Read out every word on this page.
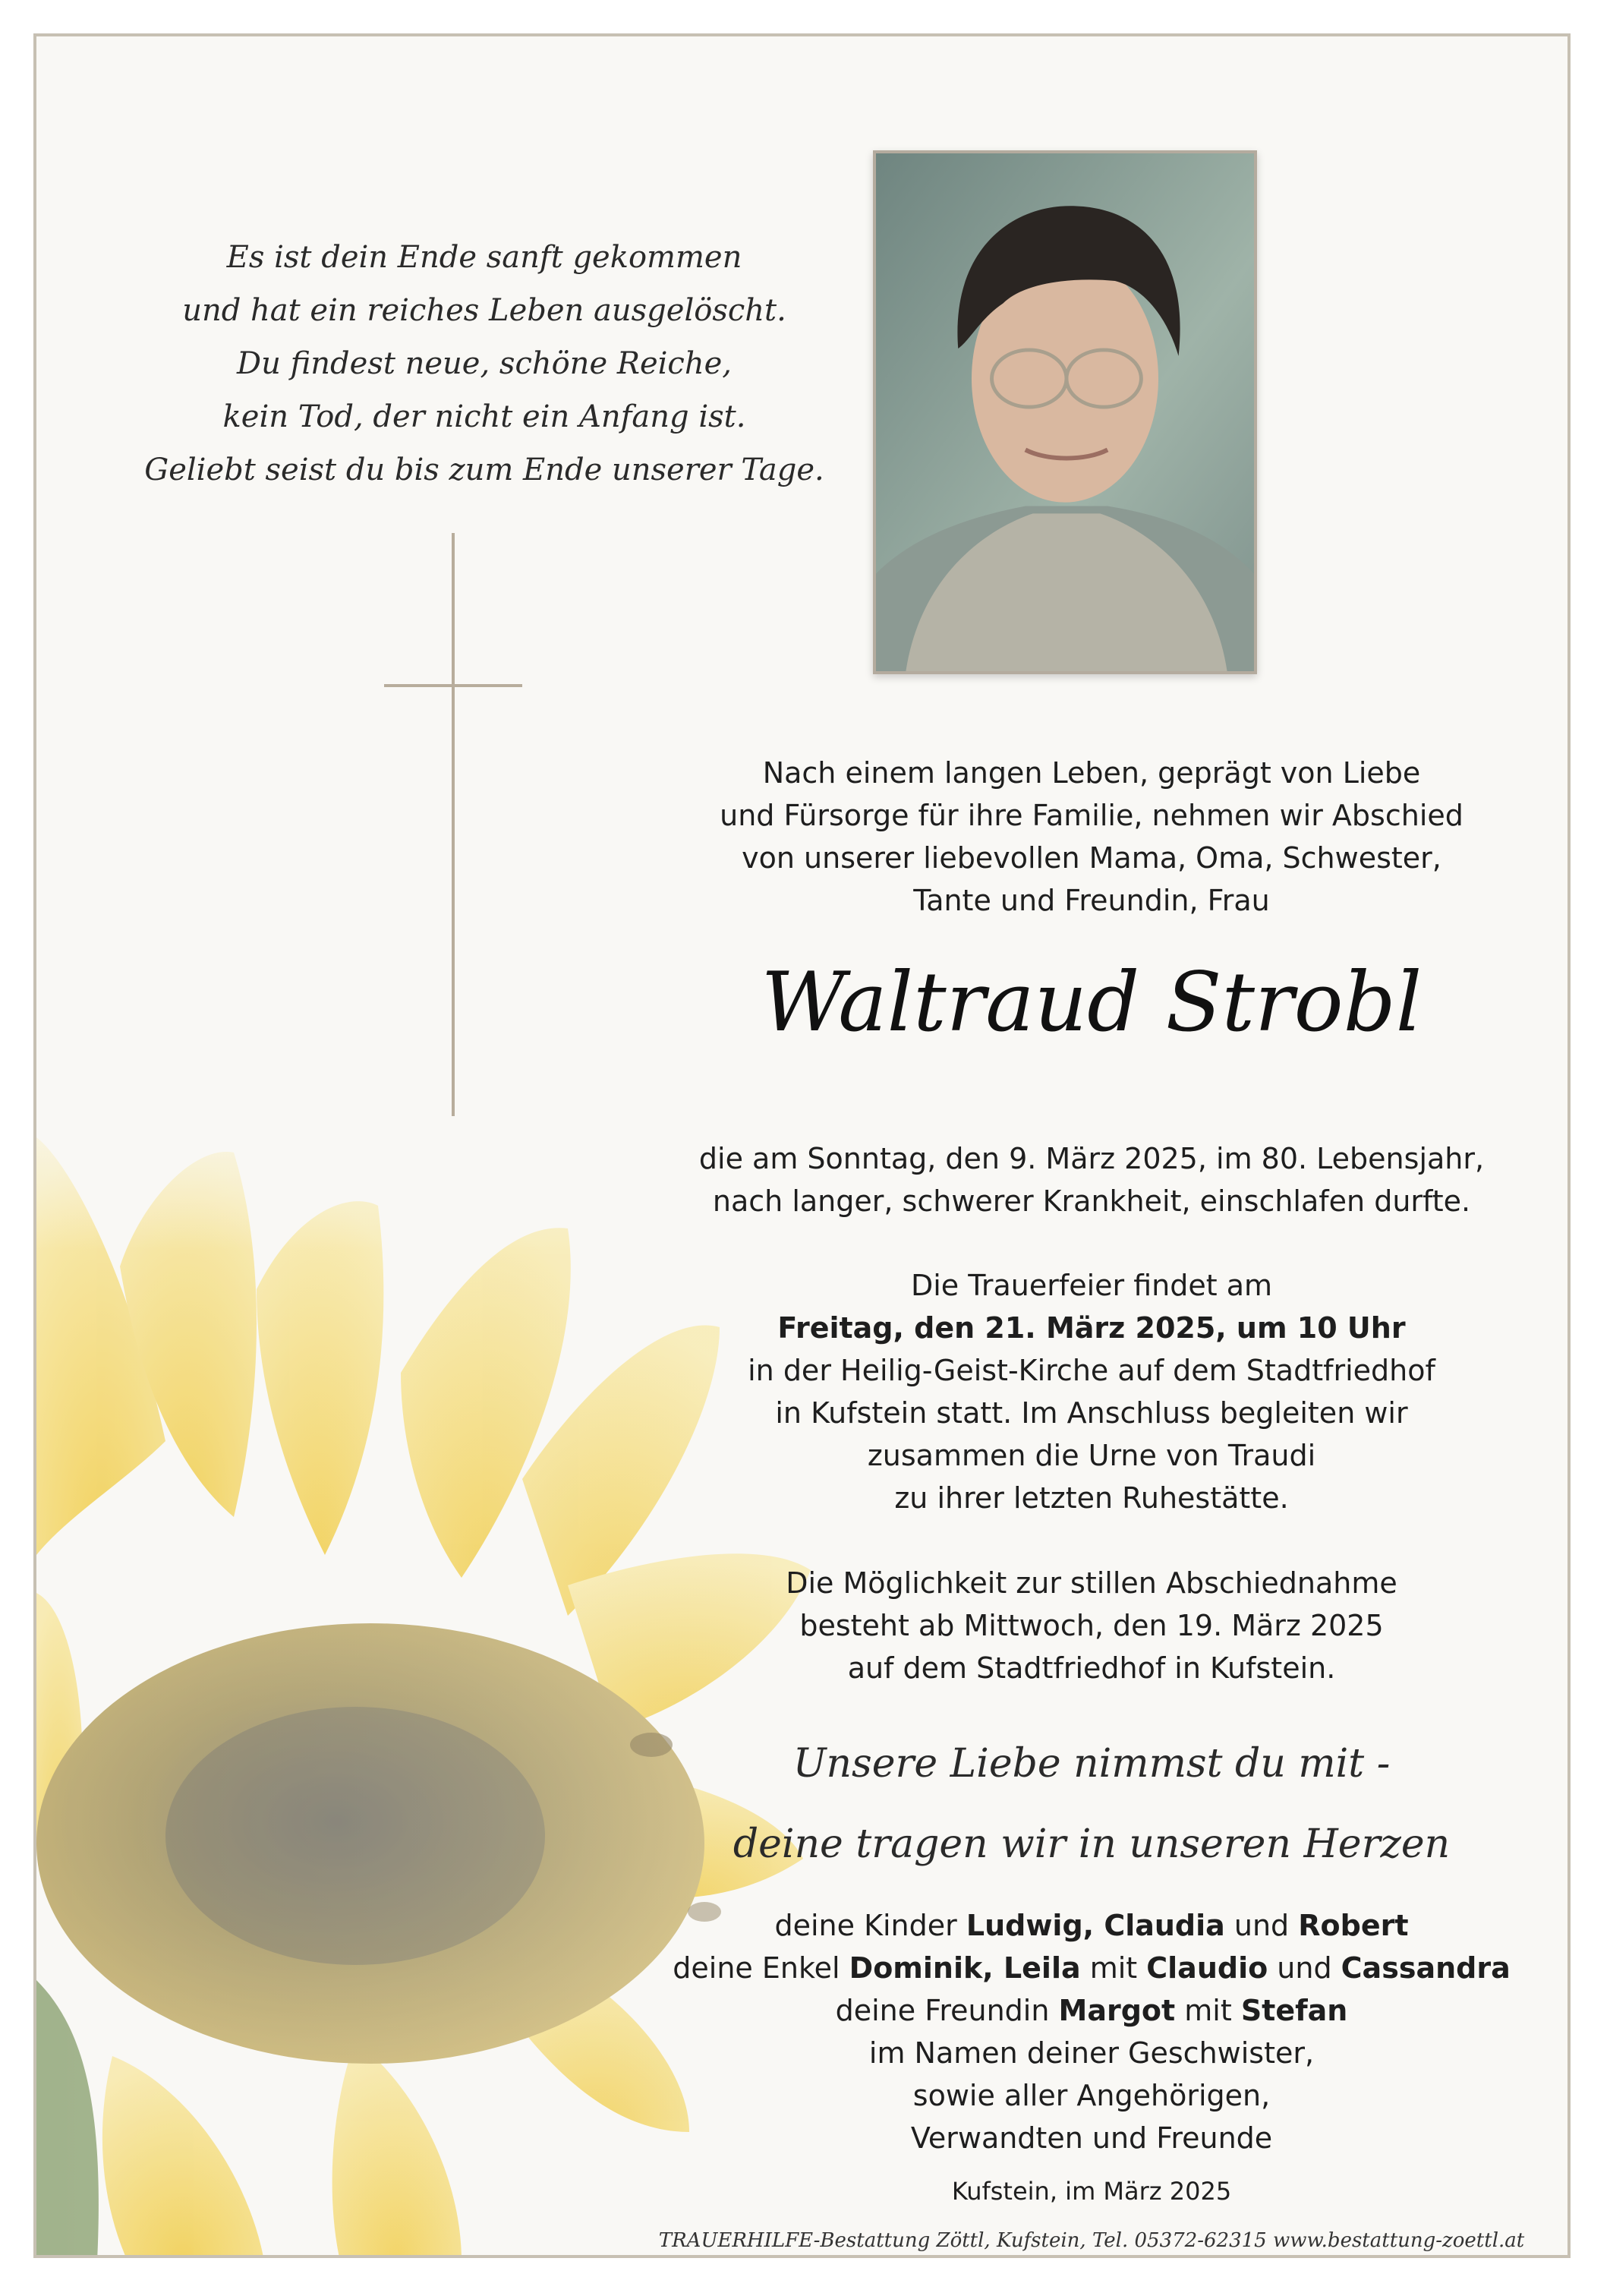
Es ist dein Ende sanft gekommen
und hat ein reiches Leben ausgelöscht.
Du findest neue, schöne Reiche,
kein Tod, der nicht ein Anfang ist.
Geliebt seist du bis zum Ende unserer Tage.
Nach einem langen Leben, geprägt von Liebe
und Fürsorge für ihre Familie, nehmen wir Abschied
von unserer liebevollen Mama, Oma, Schwester,
Tante und Freundin, Frau
Waltraud Strobl
die am Sonntag, den 9. März 2025, im 80. Lebensjahr,
nach langer, schwerer Krankheit, einschlafen durfte.
Die Trauerfeier findet am
Freitag, den 21. März 2025, um 10 Uhr
in der Heilig-Geist-Kirche auf dem Stadtfriedhof
in Kufstein statt. Im Anschluss begleiten wir
zusammen die Urne von Traudi
zu ihrer letzten Ruhestätte.
Die Möglichkeit zur stillen Abschiednahme
besteht ab Mittwoch, den 19. März 2025
auf dem Stadtfriedhof in Kufstein.
Unsere Liebe nimmst du mit -
deine tragen wir in unseren Herzen
deine Kinder Ludwig, Claudia und Robert
deine Enkel Dominik, Leila mit Claudio und Cassandra
deine Freundin Margot mit Stefan
im Namen deiner Geschwister,
sowie aller Angehörigen,
Verwandten und Freunde
Kufstein, im März 2025
TRAUERHILFE-Bestattung Zöttl, Kufstein, Tel. 05372-62315 www.bestattung-zoettl.at
